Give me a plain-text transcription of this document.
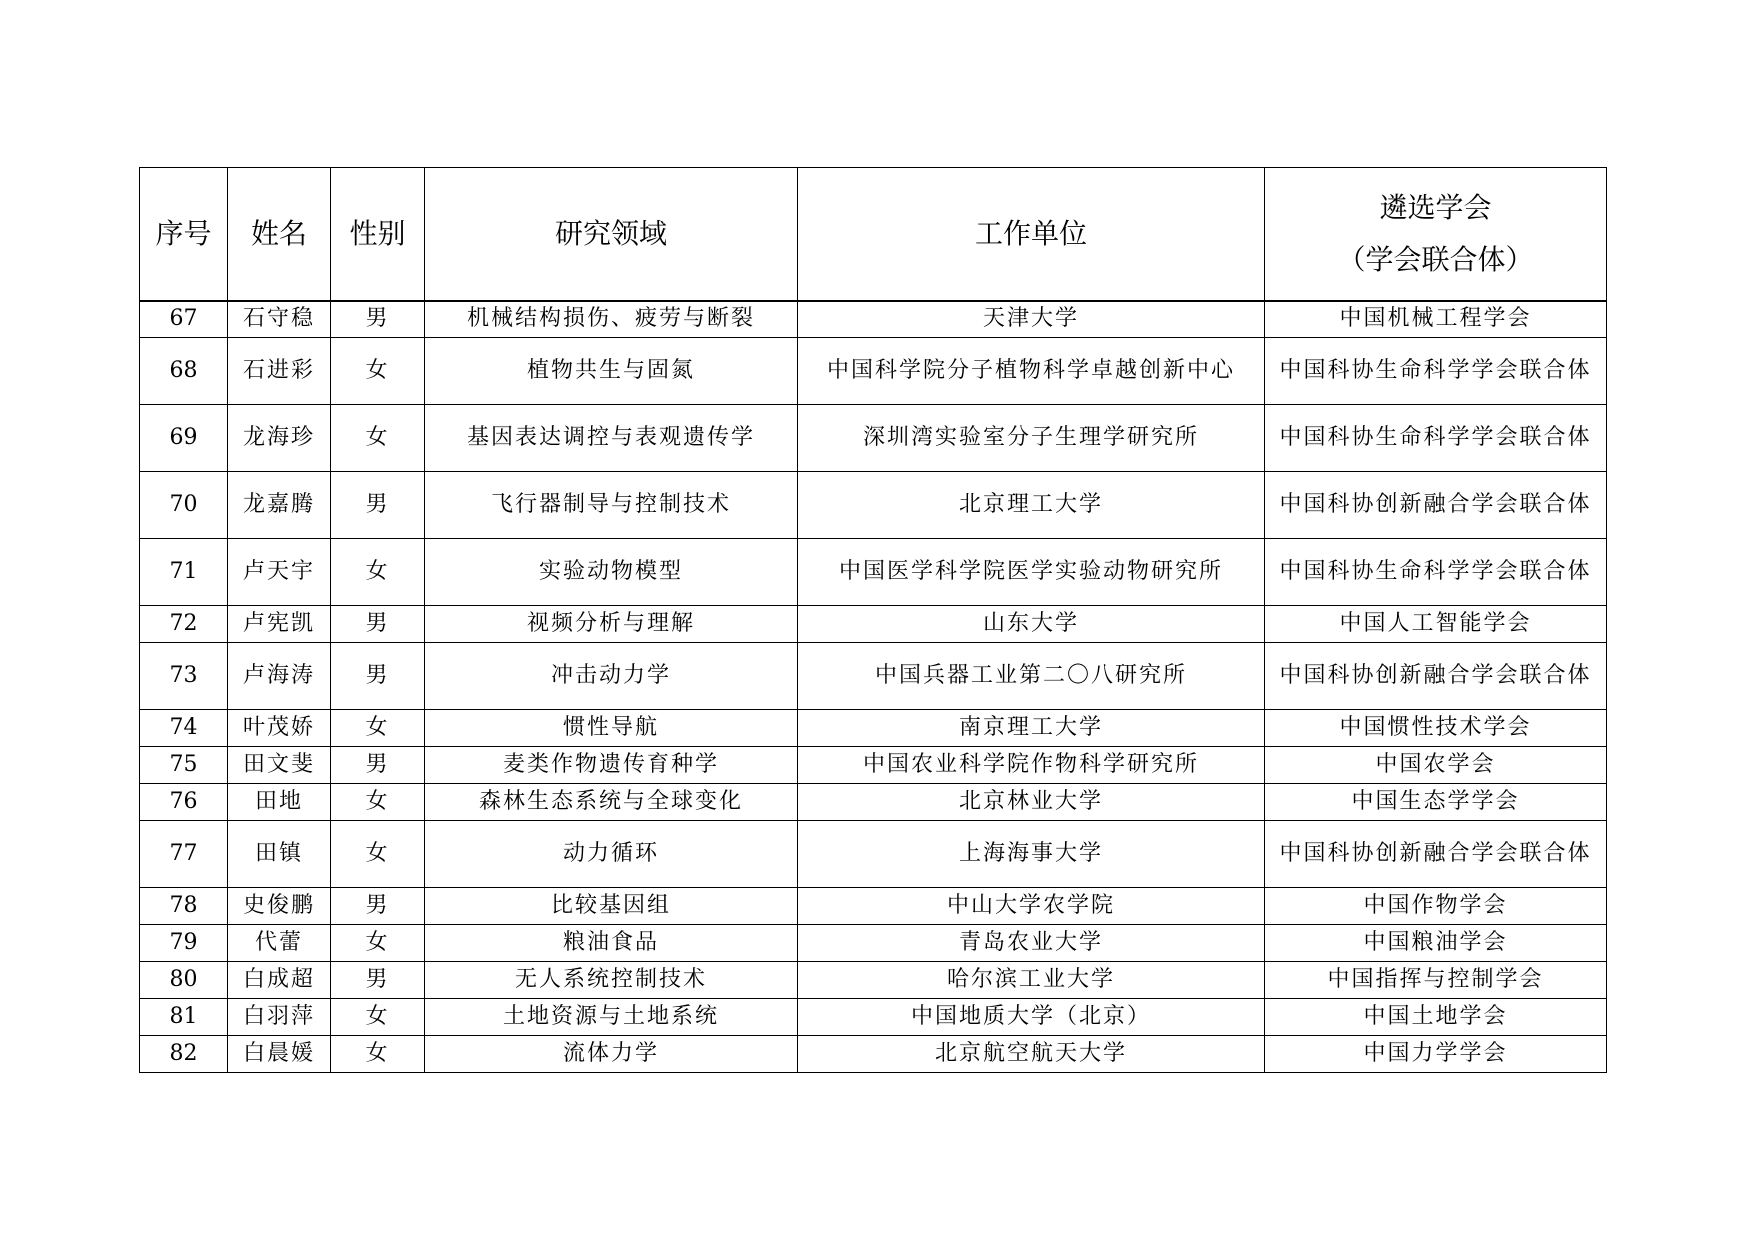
序号	姓名	性别	研究领域	工作单位	遴选学会
（学会联合体）

67	石守稳	男	机械结构损伤、疲劳与断裂	天津大学	中国机械工程学会
68	石进彩	女	植物共生与固氮	中国科学院分子植物科学卓越创新中心	中国科协生命科学学会联合体
69	龙海珍	女	基因表达调控与表观遗传学	深圳湾实验室分子生理学研究所	中国科协生命科学学会联合体
70	龙嘉腾	男	飞行器制导与控制技术	北京理工大学	中国科协创新融合学会联合体
71	卢天宇	女	实验动物模型	中国医学科学院医学实验动物研究所	中国科协生命科学学会联合体
72	卢宪凯	男	视频分析与理解	山东大学	中国人工智能学会
73	卢海涛	男	冲击动力学	中国兵器工业第二〇八研究所	中国科协创新融合学会联合体
74	叶茂娇	女	惯性导航	南京理工大学	中国惯性技术学会
75	田文斐	男	麦类作物遗传育种学	中国农业科学院作物科学研究所	中国农学会
76	田地	女	森林生态系统与全球变化	北京林业大学	中国生态学学会
77	田镇	女	动力循环	上海海事大学	中国科协创新融合学会联合体
78	史俊鹏	男	比较基因组	中山大学农学院	中国作物学会
79	代蕾	女	粮油食品	青岛农业大学	中国粮油学会
80	白成超	男	无人系统控制技术	哈尔滨工业大学	中国指挥与控制学会
81	白羽萍	女	土地资源与土地系统	中国地质大学（北京）	中国土地学会
82	白晨媛	女	流体力学	北京航空航天大学	中国力学学会
